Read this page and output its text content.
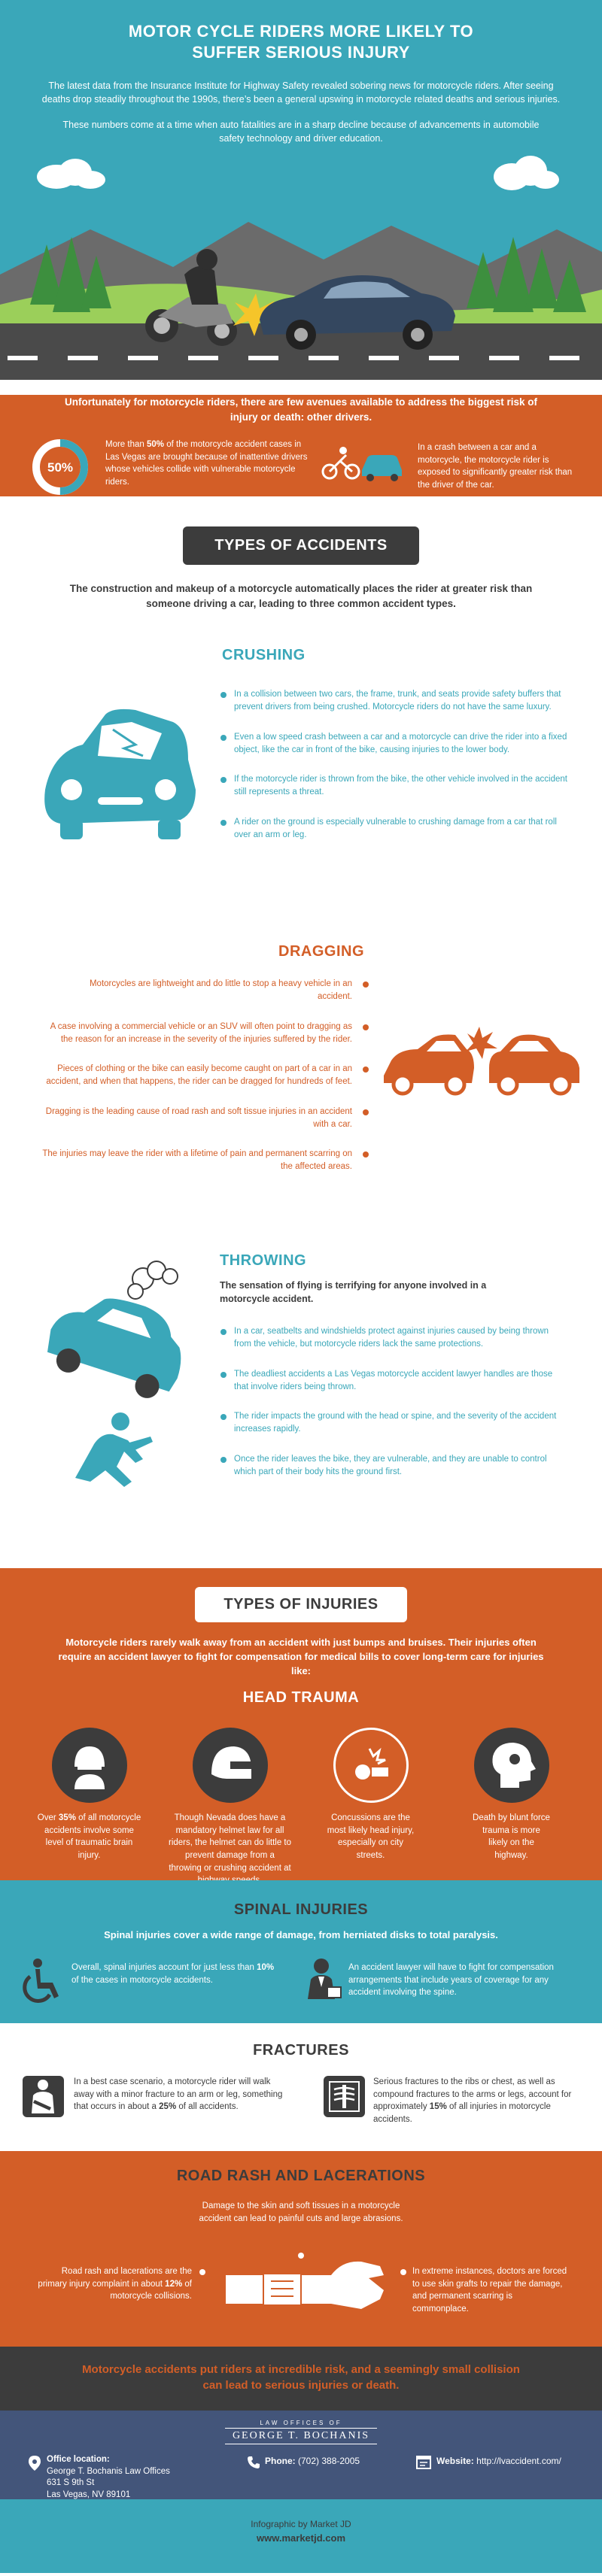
MOTOR CYCLE RIDERS MORE LIKELY TO
SUFFER SERIOUS INJURY

The latest data from the Insurance Institute for Highway Safety revealed sobering news for motorcycle riders. After seeing deaths drop steadily throughout the 1990s, there’s been a general upswing in motorcycle related deaths and serious injuries.

These numbers come at a time when auto fatalities are in a sharp decline because of advancements in automobile safety technology and driver education.

Unfortunately for motorcycle riders, there are few avenues available to address the biggest risk of injury or death: other drivers.

50%

More than 50% of the motorcycle accident cases in Las Vegas are brought because of inattentive drivers whose vehicles collide with vulnerable motorcycle riders.

In a crash between a car and a motorcycle, the motorcycle rider is exposed to significantly greater risk than the driver of the car.

TYPES OF ACCIDENTS

The construction and makeup of a motorcycle automatically places the rider at greater risk than someone driving a car, leading to three common accident types.

CRUSHING
In a collision between two cars, the frame, trunk, and seats provide safety buffers that prevent drivers from being crushed. Motorcycle riders do not have the same luxury.
Even a low speed crash between a car and a motorcycle can drive the rider into a fixed object, like the car in front of the bike, causing injuries to the lower body.
If the motorcycle rider is thrown from the bike, the other vehicle involved in the accident still represents a threat.
A rider on the ground is especially vulnerable to crushing damage from a car that roll over an arm or leg.
DRAGGING
Motorcycles are lightweight and do little to stop a heavy vehicle in an accident.
A case involving a commercial vehicle or an SUV will often point to dragging as the reason for an increase in the severity of the injuries suffered by the rider.
Pieces of clothing or the bike can easily become caught on part of a car in an accident, and when that happens, the rider can be dragged for hundreds of feet.
Dragging is the leading cause of road rash and soft tissue injuries in an accident with a car.
The injuries may leave the rider with a lifetime of pain and permanent scarring on the affected areas.
THROWING

The sensation of flying is terrifying for anyone involved in a motorcycle accident.

In a car, seatbelts and windshields protect against injuries caused by being thrown from the vehicle, but motorcycle riders lack the same protections.
The deadliest accidents a Las Vegas motorcycle accident lawyer handles are those that involve riders being thrown.
The rider impacts the ground with the head or spine, and the severity of the accident increases rapidly.
Once the rider leaves the bike, they are vulnerable, and they are unable to control which part of their body hits the ground first.
TYPES OF INJURIES

Motorcycle riders rarely walk away from an accident with just bumps and bruises. Their injuries often require an accident lawyer to fight for compensation for medical bills to cover long-term care for injuries like:

HEAD TRAUMA

Over 35% of all motorcycle accidents involve some level of traumatic brain injury.

Though Nevada does have a mandatory helmet law for all riders, the helmet can do little to prevent damage from a throwing or crushing accident at

Concussions are the most likely head injury, especially on city streets.

Death by blunt force trauma is more likely on the highway.

SPINAL INJURIES

Spinal injuries cover a wide range of damage, from herniated disks to total paralysis.

Overall, spinal injuries account for just less than 10% of the cases in motorcycle accidents.

An accident lawyer will have to fight for compensation arrangements that include years of coverage for any accident involving the spine.

FRACTURES

In a best case scenario, a motorcycle rider will walk away with a minor fracture to an arm or leg, something that occurs in about a 25% of all accidents.

Serious fractures to the ribs or chest, as well as compound fractures to the arms or legs, account for approximately 15% of all injuries in motorcycle accidents.

ROAD RASH AND LACERATIONS

Damage to the skin and soft tissues in a motorcycle accident can lead to painful cuts and large abrasions.

Road rash and lacerations are the primary injury complaint in about 12% of motorcycle collisions.

In extreme instances, doctors are forced to use skin grafts to repair the damage, and permanent scarring is commonplace.

Motorcycle accidents put riders at incredible risk, and a seemingly small collision can lead to serious injuries or death.

LAW OFFICES OF
GEORGE T. BOCHANIS
Office location:
George T. Bochanis Law Offices
631 S 9th St
Las Vegas, NV 89101
Phone: (702) 388-2005	Website: http://lvaccident.com/
Infographic by Market JD
www.marketjd.com
